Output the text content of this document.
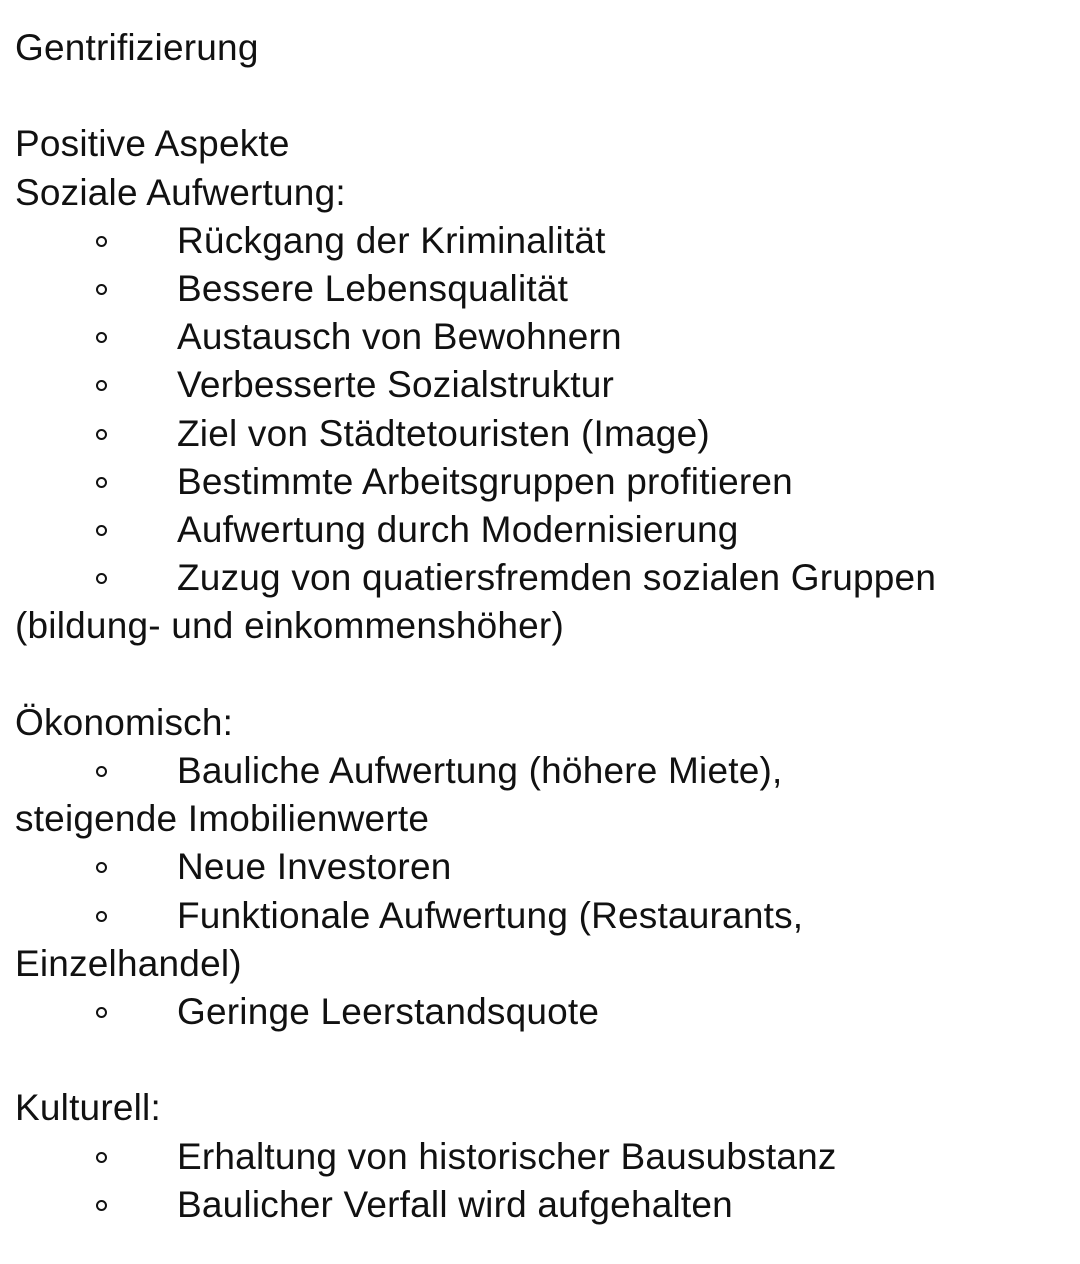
Gentrifizierung
Positive Aspekte
Soziale Aufwertung:
Rückgang der Kriminalität
Bessere Lebensqualität
Austausch von Bewohnern
Verbesserte Sozialstruktur
Ziel von Städtetouristen (Image)
Bestimmte Arbeitsgruppen profitieren
Aufwertung durch Modernisierung
Zuzug von quatiersfremden sozialen Gruppen
(bildung- und einkommenshöher)
Ökonomisch:
Bauliche Aufwertung (höhere Miete),
steigende Imobilienwerte
Neue Investoren
Funktionale Aufwertung (Restaurants,
Einzelhandel)
Geringe Leerstandsquote
Kulturell:
Erhaltung von historischer Bausubstanz
Baulicher Verfall wird aufgehalten
